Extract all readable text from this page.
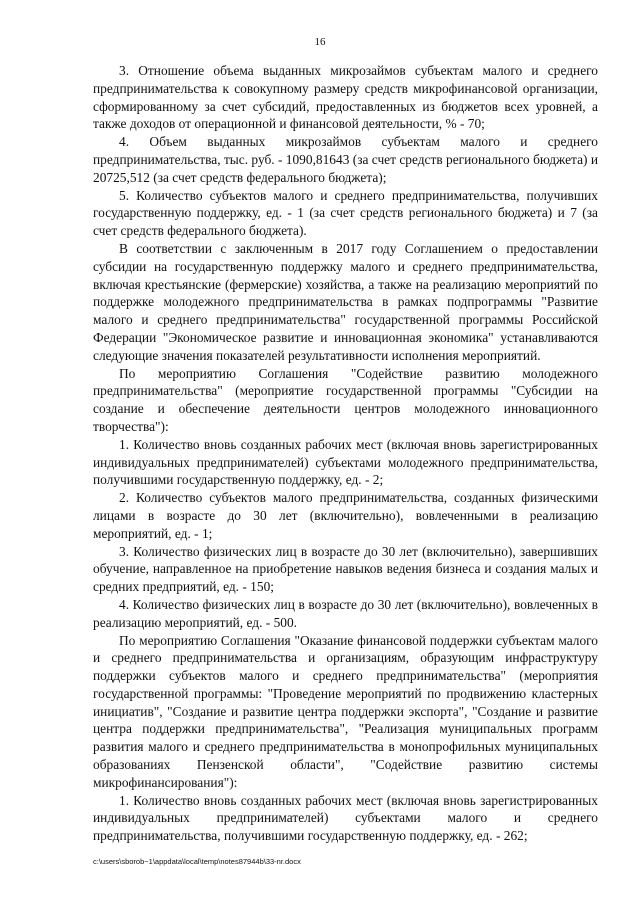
16

3. Отношение объема выданных микрозаймов субъектам малого и среднего предпринимательства к совокупному размеру средств микрофинансовой организации, сформированному за счет субсидий, предоставленных из бюджетов всех уровней, а также доходов от операционной и финансовой деятельности, % - 70;

4. Объем выданных микрозаймов субъектам малого и среднего предпринимательства, тыс. руб. - 1090,81643 (за счет средств регионального бюджета) и 20725,512 (за счет средств федерального бюджета);

5. Количество субъектов малого и среднего предпринимательства, получивших государственную поддержку, ед. - 1 (за счет средств регионального бюджета) и 7 (за счет средств федерального бюджета).

В соответствии с заключенным в 2017 году Соглашением о предоставлении субсидии на государственную поддержку малого и среднего предпринимательства, включая крестьянские (фермерские) хозяйства, а также на реализацию мероприятий по поддержке молодежного предпринимательства в рамках подпрограммы "Развитие малого и среднего предпринимательства" государственной программы Российской Федерации "Экономическое развитие и инновационная экономика" устанавливаются следующие значения показателей результативности исполнения мероприятий.

По мероприятию Соглашения "Содействие развитию молодежного предпринимательства" (мероприятие государственной программы "Субсидии на создание и обеспечение деятельности центров молодежного инновационного творчества"):

1. Количество вновь созданных рабочих мест (включая вновь зарегистрированных индивидуальных предпринимателей) субъектами молодежного предпринимательства, получившими государственную поддержку, ед. - 2;

2. Количество субъектов малого предпринимательства, созданных физическими лицами в возрасте до 30 лет (включительно), вовлеченными в реализацию мероприятий, ед. - 1;

3. Количество физических лиц в возрасте до 30 лет (включительно), завершивших обучение, направленное на приобретение навыков ведения бизнеса и создания малых и средних предприятий, ед. - 150;

4. Количество физических лиц в возрасте до 30 лет (включительно), вовлеченных в реализацию мероприятий, ед. - 500.

По мероприятию Соглашения "Оказание финансовой поддержки субъектам малого и среднего предпринимательства и организациям, образующим инфраструктуру поддержки субъектов малого и среднего предпринимательства" (мероприятия государственной программы: "Проведение мероприятий по продвижению кластерных инициатив", "Создание и развитие центра поддержки экспорта", "Создание и развитие центра поддержки предпринимательства", "Реализация муниципальных программ развития малого и среднего предпринимательства в монопрофильных муниципальных образованиях Пензенской области", "Содействие развитию системы микрофинансирования"):

1. Количество вновь созданных рабочих мест (включая вновь зарегистрированных индивидуальных предпринимателей) субъектами малого и среднего предпринимательства, получившими государственную поддержку, ед. - 262;

c:\users\sborob~1\appdata\local\temp\notes87944b\33-nr.docx
